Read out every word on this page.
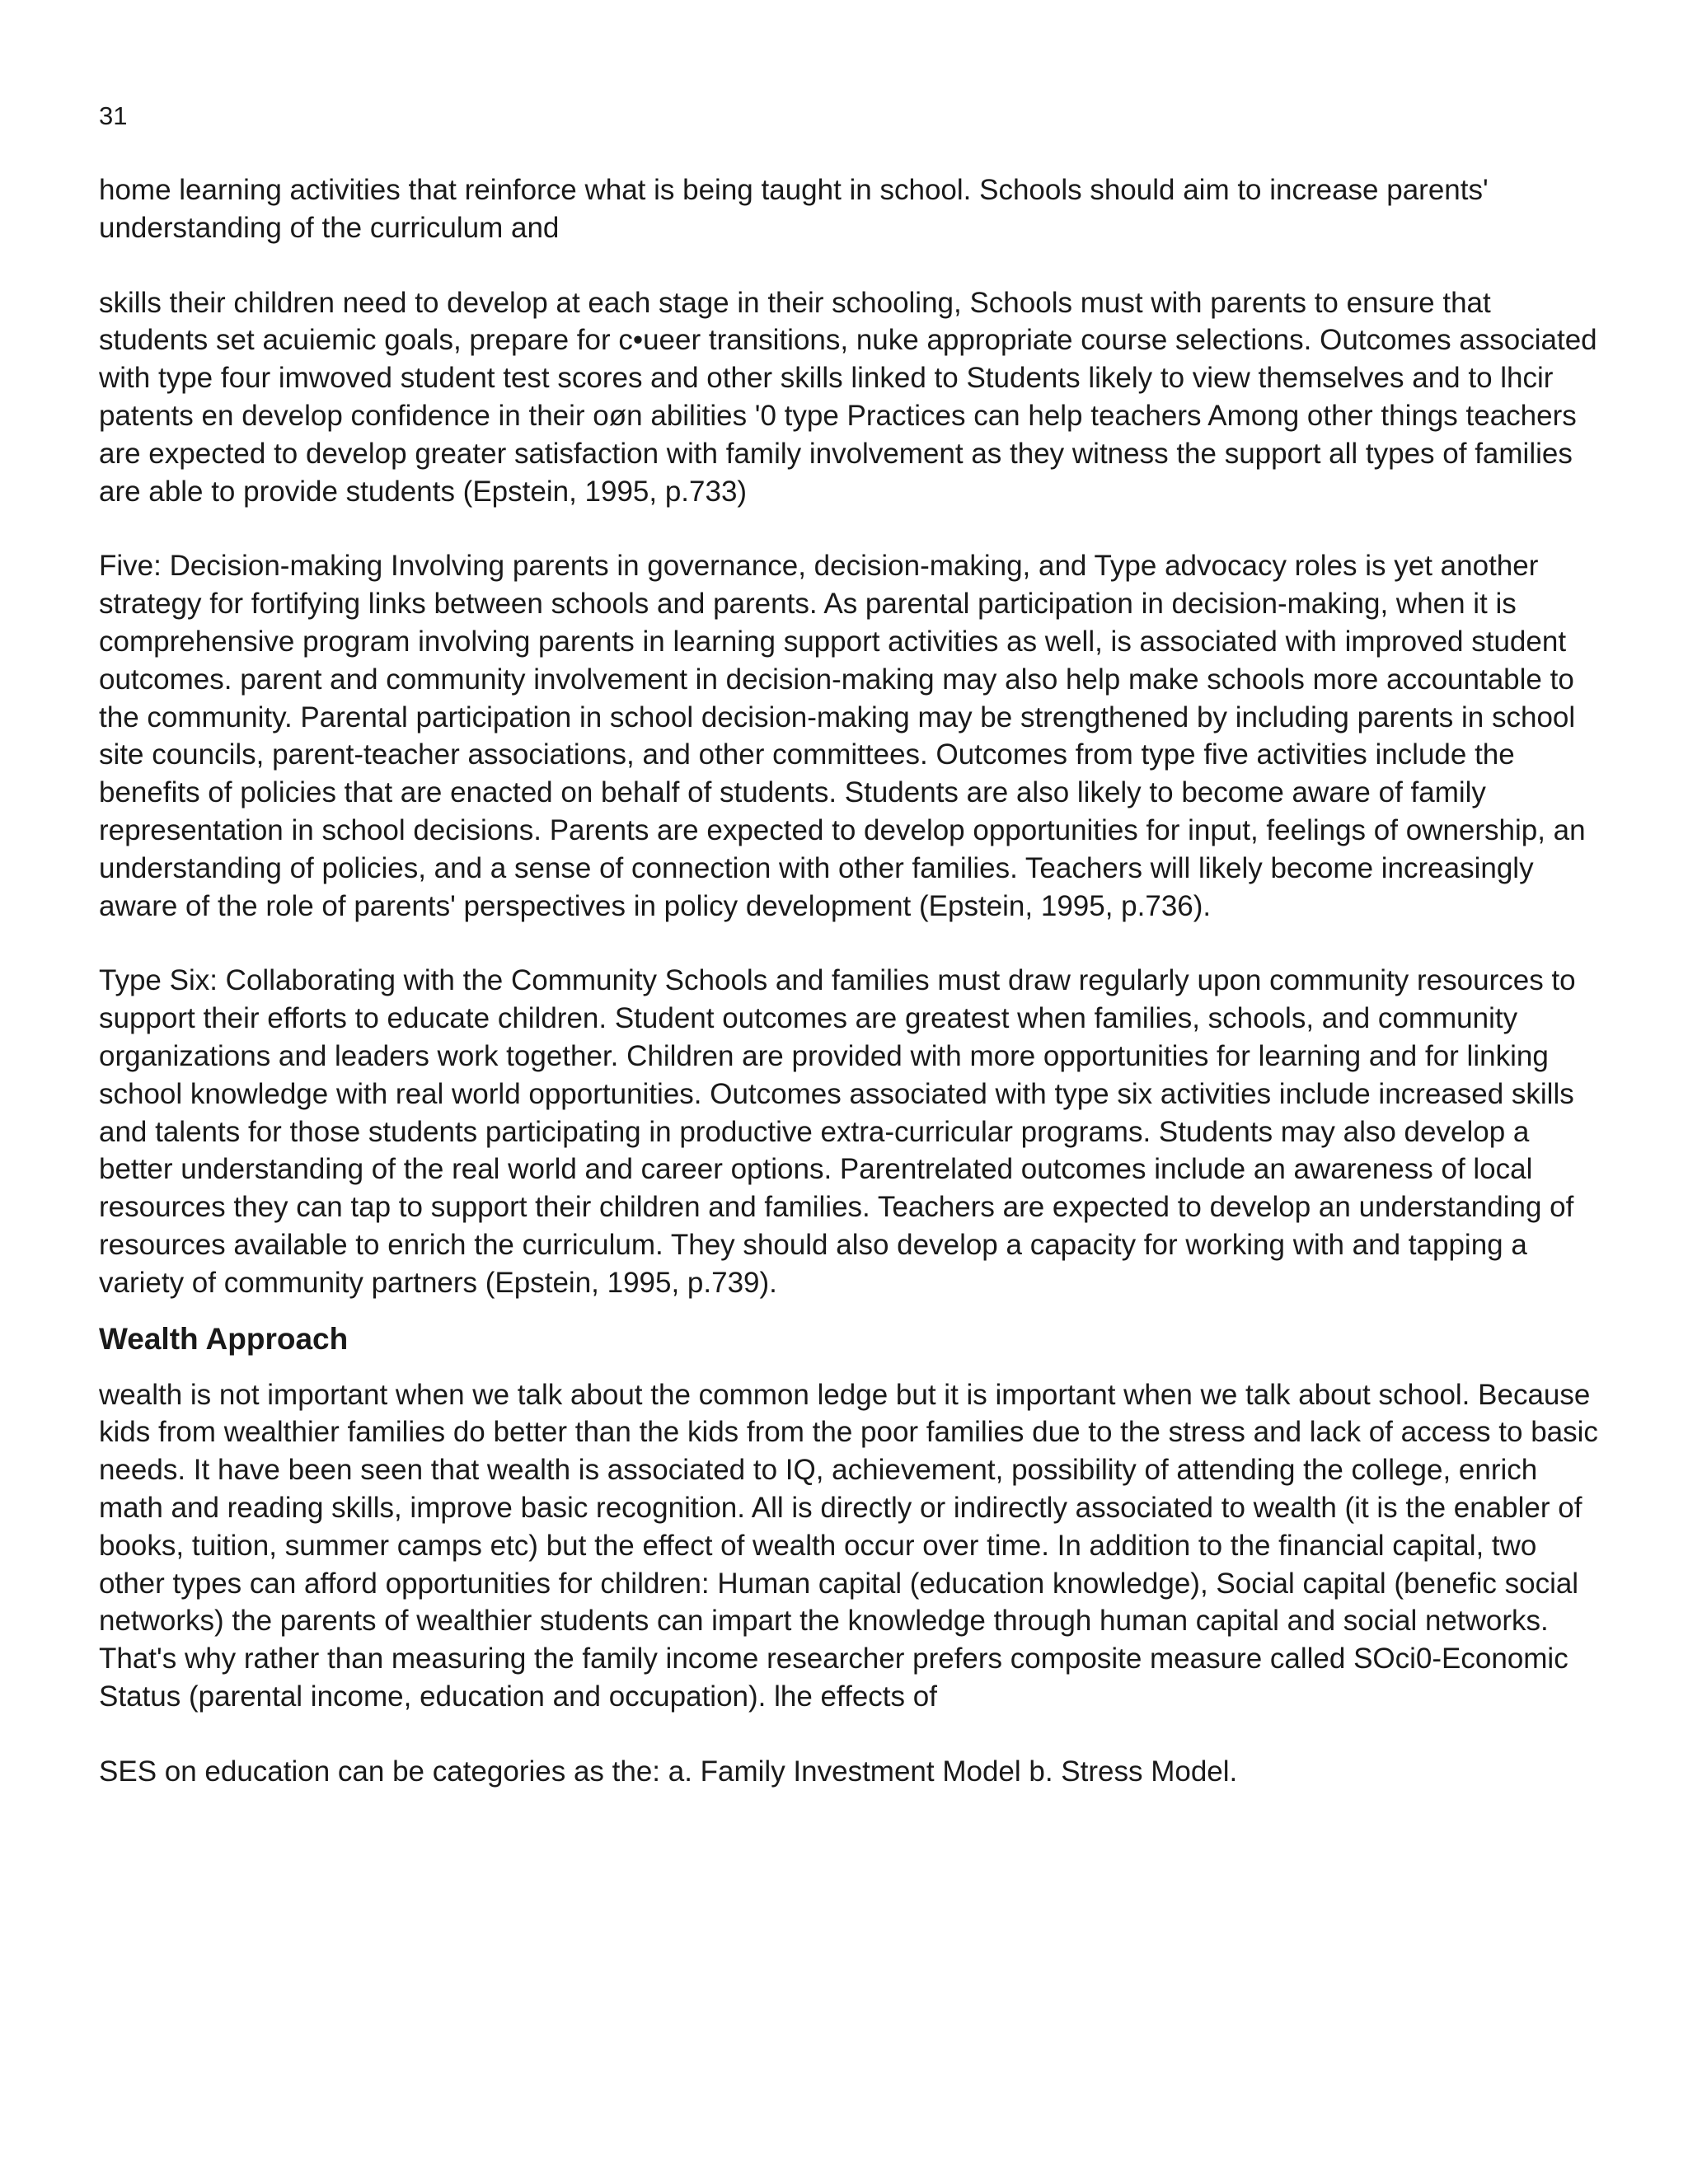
31

home learning activities that reinforce what is being taught in school. Schools should aim to increase parents' understanding of the curriculum and

skills their children need to develop at each stage in their schooling, Schools must with parents to ensure that students set acuiemic goals, prepare for c•ueer transitions, nuke appropriate course selections. Outcomes associated with type four imwoved student test scores and other skills linked to Students likely to view themselves and to lhcir patents en develop confidence in their oøn abilities '0 type Practices can help teachers Among other things teachers are expected to develop greater satisfaction with family involvement as they witness the support all types of families are able to provide students (Epstein, 1995, p.733)

Five: Decision-making Involving parents in governance, decision-making, and Type advocacy roles is yet another strategy for fortifying links between schools and parents. As parental participation in decision-making, when it is comprehensive program involving parents in learning support activities as well, is associated with improved student outcomes. parent and community involvement in decision-making may also help make schools more accountable to the community. Parental participation in school decision-making may be strengthened by including parents in school site councils, parent-teacher associations, and other committees. Outcomes from type five activities include the benefits of policies that are enacted on behalf of students. Students are also likely to become aware of family representation in school decisions. Parents are expected to develop opportunities for input, feelings of ownership, an understanding of policies, and a sense of connection with other families. Teachers will likely become increasingly aware of the role of parents' perspectives in policy development (Epstein, 1995, p.736).

Type Six: Collaborating with the Community Schools and families must draw regularly upon community resources to support their efforts to educate children. Student outcomes are greatest when families, schools, and community organizations and leaders work together. Children are provided with more opportunities for learning and for linking school knowledge with real world opportunities. Outcomes associated with type six activities include increased skills and talents for those students participating in productive extra-curricular programs. Students may also develop a better understanding of the real world and career options. Parentrelated outcomes include an awareness of local resources they can tap to support their children and families. Teachers are expected to develop an understanding of resources available to enrich the curriculum. They should also develop a capacity for working with and tapping a variety of community partners (Epstein, 1995, p.739).

Wealth Approach

wealth is not important when we talk about the common ledge but it is important when we talk about school. Because kids from wealthier families do better than the kids from the poor families due to the stress and lack of access to basic needs. It have been seen that wealth is associated to IQ, achievement, possibility of attending the college, enrich math and reading skills, improve basic recognition. All is directly or indirectly associated to wealth (it is the enabler of books, tuition, summer camps etc) but the effect of wealth occur over time. In addition to the financial capital, two other types can afford opportunities for children: Human capital (education knowledge), Social capital (benefic social networks) the parents of wealthier students can impart the knowledge through human capital and social networks. That's why rather than measuring the family income researcher prefers composite measure called SOci0-Economic Status (parental income, education and occupation). lhe effects of

SES on education can be categories as the: a. Family Investment Model b. Stress Model.
